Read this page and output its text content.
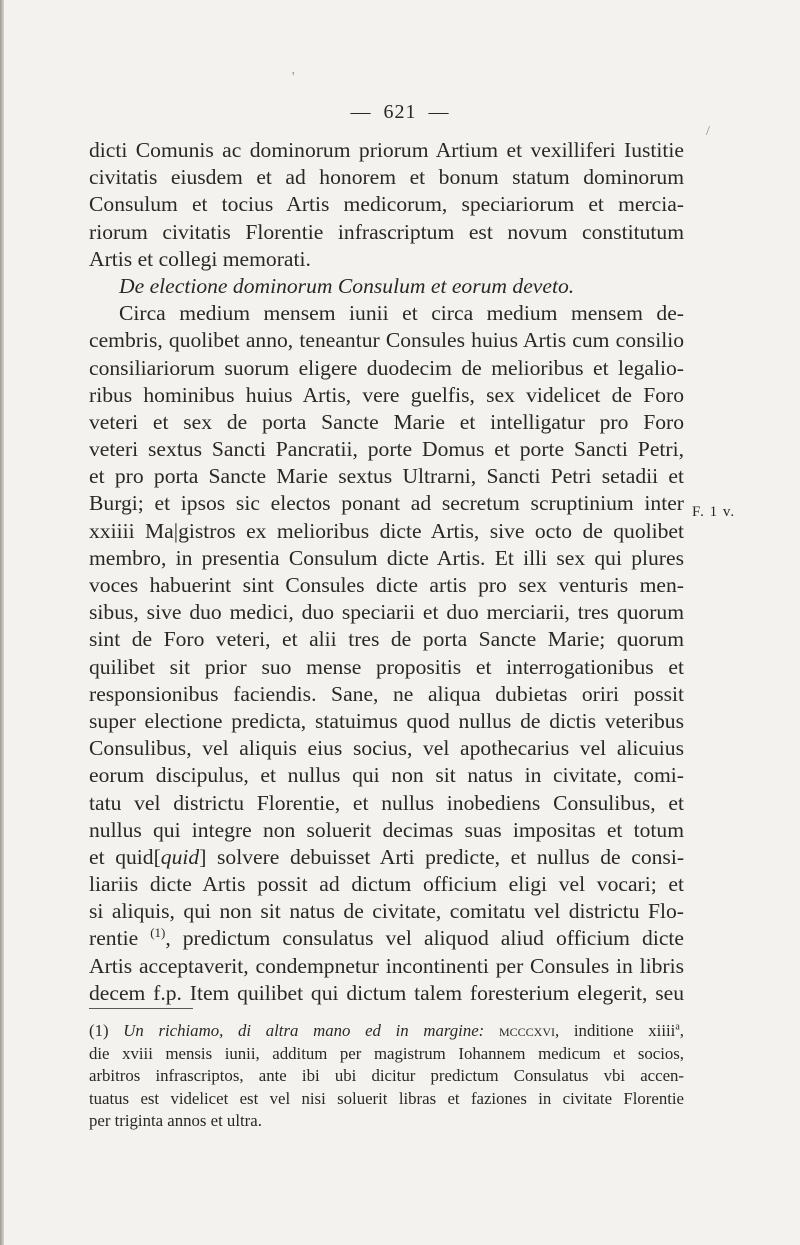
'
/
— 621 —
dicti Comunis ac dominorum priorum Artium et vexilliferi Iustitie
civitatis eiusdem et ad honorem et bonum statum dominorum
Consulum et tocius Artis medicorum, speciariorum et mercia-
riorum civitatis Florentie infrascriptum est novum constitutum
Artis et collegi memorati.
De electione dominorum Consulum et eorum deveto.
Circa medium mensem iunii et circa medium mensem de-
cembris, quolibet anno, teneantur Consules huius Artis cum consilio
consiliariorum suorum eligere duodecim de melioribus et legalio-
ribus hominibus huius Artis, vere guelfis, sex videlicet de Foro
veteri et sex de porta Sancte Marie et intelligatur pro Foro
veteri sextus Sancti Pancratii, porte Domus et porte Sancti Petri,
et pro porta Sancte Marie sextus Ultrarni, Sancti Petri setadii et
Burgi; et ipsos sic electos ponant ad secretum scruptinium inter
xxiiii Ma|gistros ex melioribus dicte Artis, sive octo de quolibet
membro, in presentia Consulum dicte Artis. Et illi sex qui plures
voces habuerint sint Consules dicte artis pro sex venturis men-
sibus, sive duo medici, duo speciarii et duo merciarii, tres quorum
sint de Foro veteri, et alii tres de porta Sancte Marie; quorum
quilibet sit prior suo mense propositis et interrogationibus et
responsionibus faciendis. Sane, ne aliqua dubietas oriri possit
super electione predicta, statuimus quod nullus de dictis veteribus
Consulibus, vel aliquis eius socius, vel apothecarius vel alicuius
eorum discipulus, et nullus qui non sit natus in civitate, comi-
tatu vel districtu Florentie, et nullus inobediens Consulibus, et
nullus qui integre non soluerit decimas suas impositas et totum
et quid[quid] solvere debuisset Arti predicte, et nullus de consi-
liariis dicte Artis possit ad dictum officium eligi vel vocari; et
si aliquis, qui non sit natus de civitate, comitatu vel districtu Flo-
rentie $^{(1)}$, predictum consulatus vel aliquod aliud officium dicte
Artis acceptaverit, condempnetur incontinenti per Consules in libris
decem f.p. Item quilibet qui dictum talem foresterium elegerit, seu
F. 1 v.
(1) Un richiamo, di altra mano ed in margine: mcccxvi, inditione xiiii$^a$,
die xviii mensis iunii, additum per magistrum Iohannem medicum et socios,
arbitros infrascriptos, ante ibi ubi dicitur predictum Consulatus vbi accen-
tuatus est videlicet est vel nisi soluerit libras et faziones in civitate Florentie
per triginta annos et ultra.
